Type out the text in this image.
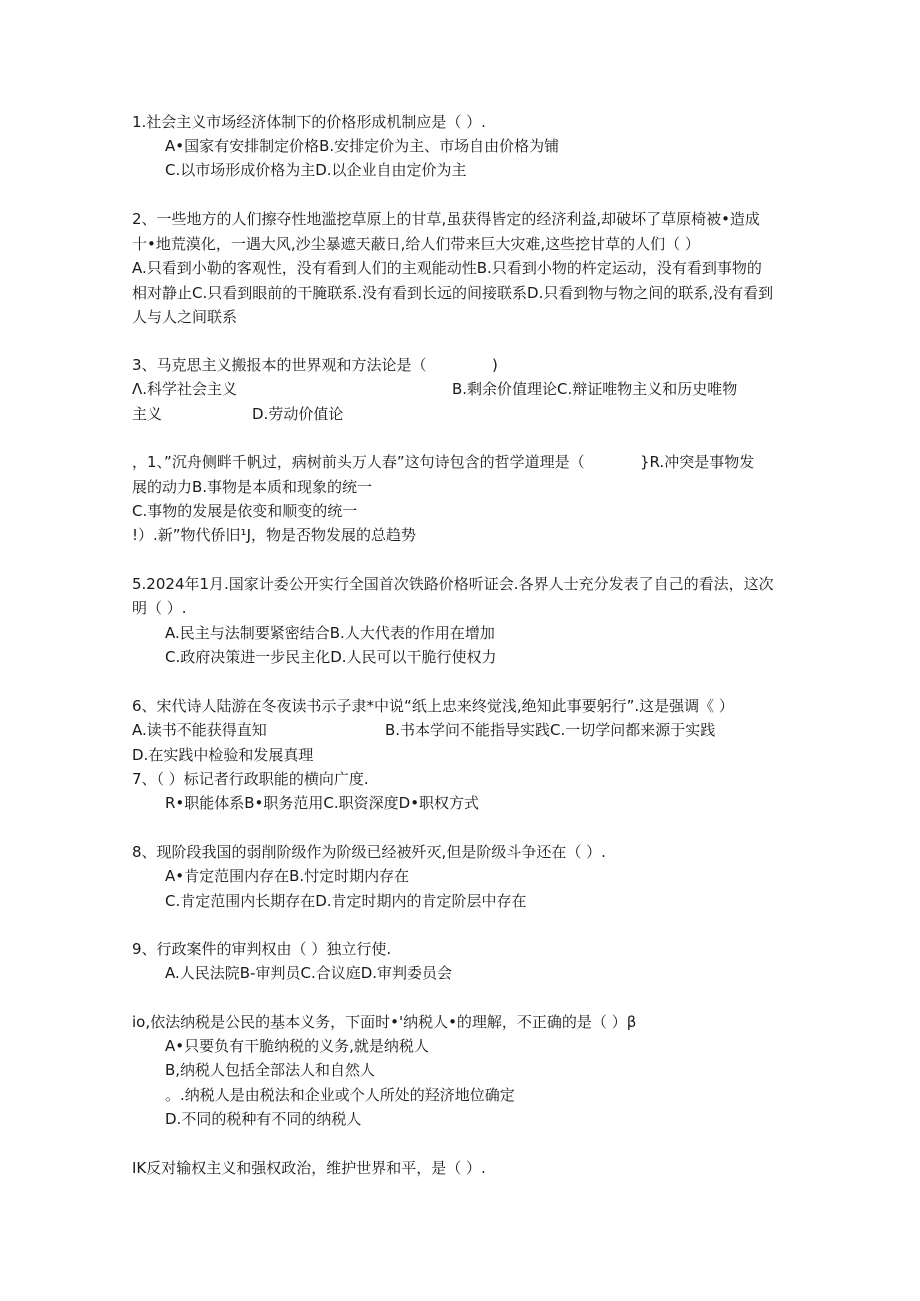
1.社会主义市场经济体制下的价格形成机制应是（ ）.
A•国家有安排制定价格B.安排定价为主、市场自由价格为铺
C.以市场形成价格为主D.以企业自由定价为主
2、一些地方的人们擦夺性地滥挖草原上的甘草,虽获得皆定的经济利益,却破坏了草原椅被•造成
十•地荒漠化，一遇大风,沙尘暴遮天蔽日,给人们带来巨大灾难,这些挖甘草的人们（ ）
A.只看到小勒的客观性，没有看到人们的主观能动性B.只看到小物的杵定运动，没有看到事物的
相对静止C.只看到眼前的干腌联系.没有看到长远的间接联系D.只看到物与物之间的联系,没有看到
人与人之间联系
3、马克思主义搬报本的世界观和方法论是（	)
Λ.科学社会主义	B.剩余价值理论C.辩证唯物主义和历史唯物
主义	D.劳动价值论
，1、”沉舟侧畔千帆过，病树前头万人春”这句诗包含的哲学道理是（	}R.冲突是事物发
展的动力B.事物是本质和现象的统一
C.事物的发展是依变和顺变的统一
!）.新”物代侨旧¹J，物是否物发展的总趋势
5.2024年1月.国家计委公开实行全国首次铁路价格听证会.各界人士充分发表了自己的看法，这次
明（ ）.
A.民主与法制要紧密结合B.人大代表的作用在增加
C.政府决策进一步民主化D.人民可以干脆行使权力
6、宋代诗人陆游在冬夜读书示子隶*中说“纸上忠来终觉浅,绝知此事要躬行”.这是强调《 ）
A.读书不能获得直知	B.书本学问不能指导实践C.一切学问都来源于实践
D.在实践中检验和发展真理
7、（ ）标记者行政职能的横向广度.
R•职能体系B•职务范用C.职资深度D•职权方式
8、现阶段我国的弱削阶级作为阶级已经被歼灭,但是阶级斗争还在（ ）.
A•肯定范围内存在B.忖定时期内存在
C.肯定范围内长期存在D.肯定时期内的肯定阶层中存在
9、行政案件的审判权由（ ）独立行使.
A.人民法院B-审判员C.合议庭D.审判委员会
io,依法纳税是公民的基本义务，下面时•'纳税人•的理解，不正确的是（ ）β
A•只要负有干脆纳税的义务,就是纳税人
B,纳税人包括全部法人和自然人
。.纳税人是由税法和企业或个人所处的羟济地位确定
D.不同的税种有不同的纳税人
IK反对输权主义和强权政治，维护世界和平，是（ ）.
